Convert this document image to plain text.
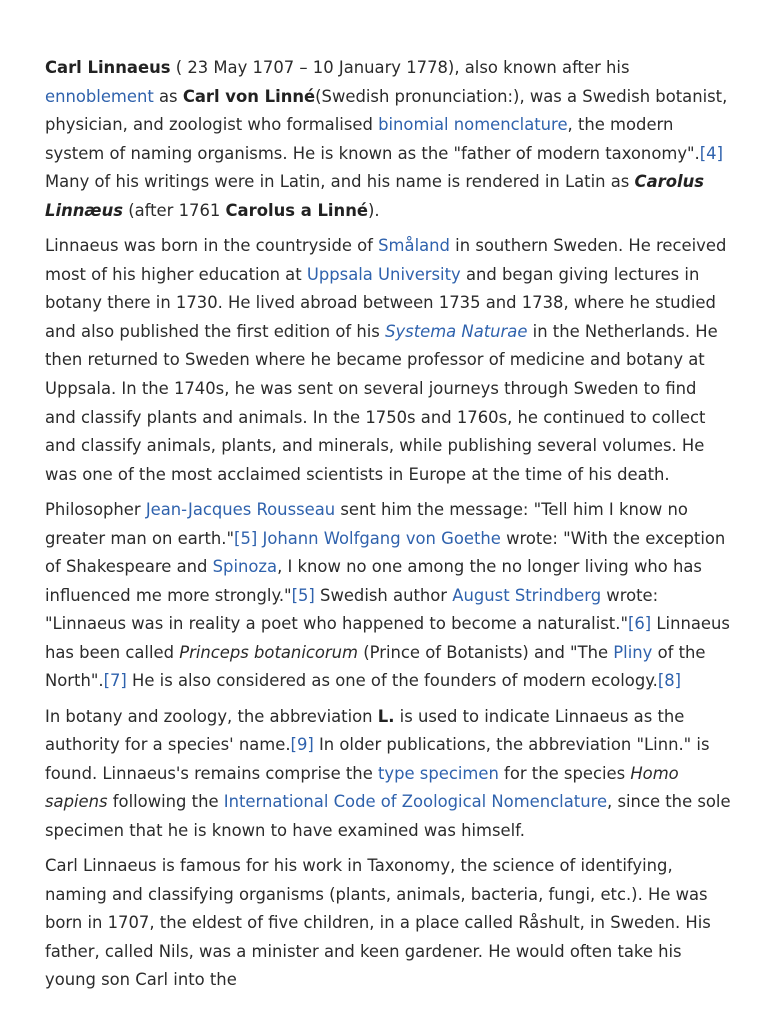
Carl Linnaeus ( 23 May 1707 – 10 January 1778), also known after his ennoblement as Carl von Linné(Swedish pronunciation:), was a Swedish botanist, physician, and zoologist who formalised binomial nomenclature, the modern system of naming organisms. He is known as the "father of modern taxonomy".[4] Many of his writings were in Latin, and his name is rendered in Latin as Carolus Linnæus (after 1761 Carolus a Linné).

Linnaeus was born in the countryside of Småland in southern Sweden. He received most of his higher education at Uppsala University and began giving lectures in botany there in 1730. He lived abroad between 1735 and 1738, where he studied and also published the first edition of his Systema Naturae in the Netherlands. He then returned to Sweden where he became professor of medicine and botany at Uppsala. In the 1740s, he was sent on several journeys through Sweden to find and classify plants and animals. In the 1750s and 1760s, he continued to collect and classify animals, plants, and minerals, while publishing several volumes. He was one of the most acclaimed scientists in Europe at the time of his death.

Philosopher Jean-Jacques Rousseau sent him the message: "Tell him I know no greater man on earth."[5] Johann Wolfgang von Goethe wrote: "With the exception of Shakespeare and Spinoza, I know no one among the no longer living who has influenced me more strongly."[5] Swedish author August Strindberg wrote: "Linnaeus was in reality a poet who happened to become a naturalist."[6] Linnaeus has been called Princeps botanicorum (Prince of Botanists) and "The Pliny of the North".[7] He is also considered as one of the founders of modern ecology.[8]

In botany and zoology, the abbreviation L. is used to indicate Linnaeus as the authority for a species' name.[9] In older publications, the abbreviation "Linn." is found. Linnaeus's remains comprise the type specimen for the species Homo sapiens following the International Code of Zoological Nomenclature, since the sole specimen that he is known to have examined was himself.

Carl Linnaeus is famous for his work in Taxonomy, the science of identifying, naming and classifying organisms (plants, animals, bacteria, fungi, etc.). He was born in 1707, the eldest of five children, in a place called Råshult, in Sweden. His father, called Nils, was a minister and keen gardener. He would often take his young son Carl into the
